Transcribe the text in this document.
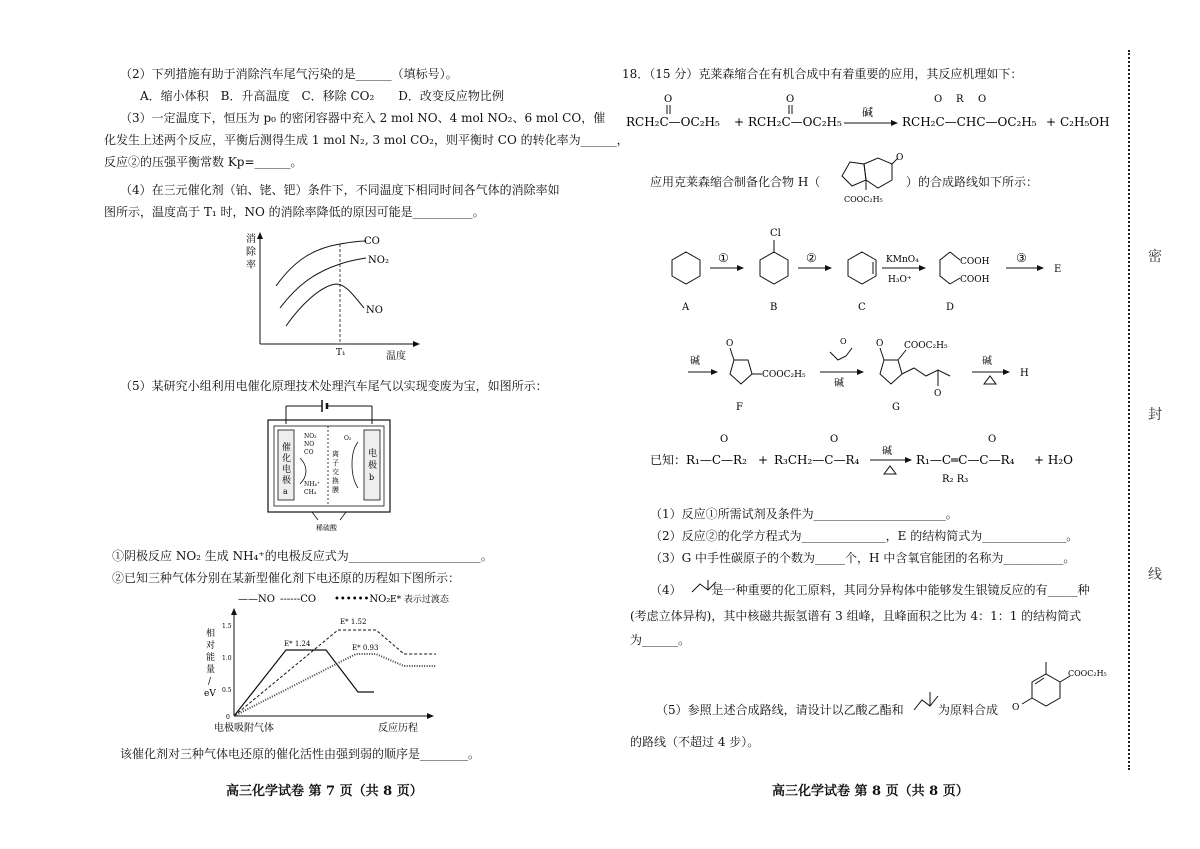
（2）下列措施有助于消除汽车尾气污染的是______（填标号）。
A．缩小体积　B．升高温度　C．移除 CO₂　　D．改变反应物比例
（3）一定温度下，恒压为 p₀ 的密闭容器中充入 2 mol NO、4 mol NO₂、6 mol CO，催
化发生上述两个反应，平衡后测得生成 1 mol N₂, 3 mol CO₂，则平衡时 CO 的转化率为______，
反应②的压强平衡常数 Kp=______。
（4）在三元催化剂（铂、铑、钯）条件下，不同温度下相同时间各气体的消除率如
图所示，温度高于 T₁ 时，NO 的消除率降低的原因可能是__________。
消
除
率
CO
NO₂
NO
T₁	温度
（5）某研究小组利用电催化原理技术处理汽车尾气以实现变废为宝，如图所示：
催
化
电
极
a
电
极
b
离
子
交
换
膜
NO₂
NO
CO
NH₄⁺
CH₄
O₂
稀硫酸
①阴极反应 NO₂ 生成 NH₄⁺的电极反应式为______________________。
②已知三种气体分别在某新型催化剂下电还原的历程如下图所示：
——NO ------CO ••••••NO₂ E* 表示过渡态
相
对
能
量
/
eV
1.5
1.0
0.5
0
E* 1.24
E* 1.52
E* 0.93
电极吸附气体	反应历程
该催化剂对三种气体电还原的催化活性由强到弱的顺序是________。
高三化学试卷 第 7 页（共 8 页）
18．（15 分）克莱森缩合在有机合成中有着重要的应用，其反应机理如下：
O
RCH₂C—OC₂H₅ +
O
RCH₂C—OC₂H₅
碱
O R O
RCH₂C—CHC—OC₂H₅ + C₂H₅OH
应用克莱森缩合制备化合物 H（
O
COOC₂H₅
）的合成路线如下所示：
A
①
Cl
B
②
C
KMnO₄
H₃O⁺
COOH
COOH
D
③
E
碱
O
COOC₂H₅
F
O
碱
O COOC₂H₅
O
G
碱
H
已知：
O
R₁—C—R₂ +
O
R₃CH₂—C—R₄
碱
O
R₁—C═C—C—R₄
R₂ R₃
+ H₂O
（1）反应①所需试剂及条件为______________________。
（2）反应②的化学方程式为______________，E 的结构简式为______________。
（3）G 中手性碳原子的个数为_____个，H 中含氧官能团的名称为__________。
（4）　　　是一种重要的化工原料，其同分异构体中能够发生银镜反应的有_____种
(考虑立体异构)，其中核磁共振氢谱有 3 组峰，且峰面积之比为 4：1：1 的结构简式
为______。
（5）参照上述合成路线，请设计以乙酸乙酯和	为原料合成 O
COOC₂H₅
的路线（不超过 4 步）。
高三化学试卷 第 8 页（共 8 页）
密
封
线
